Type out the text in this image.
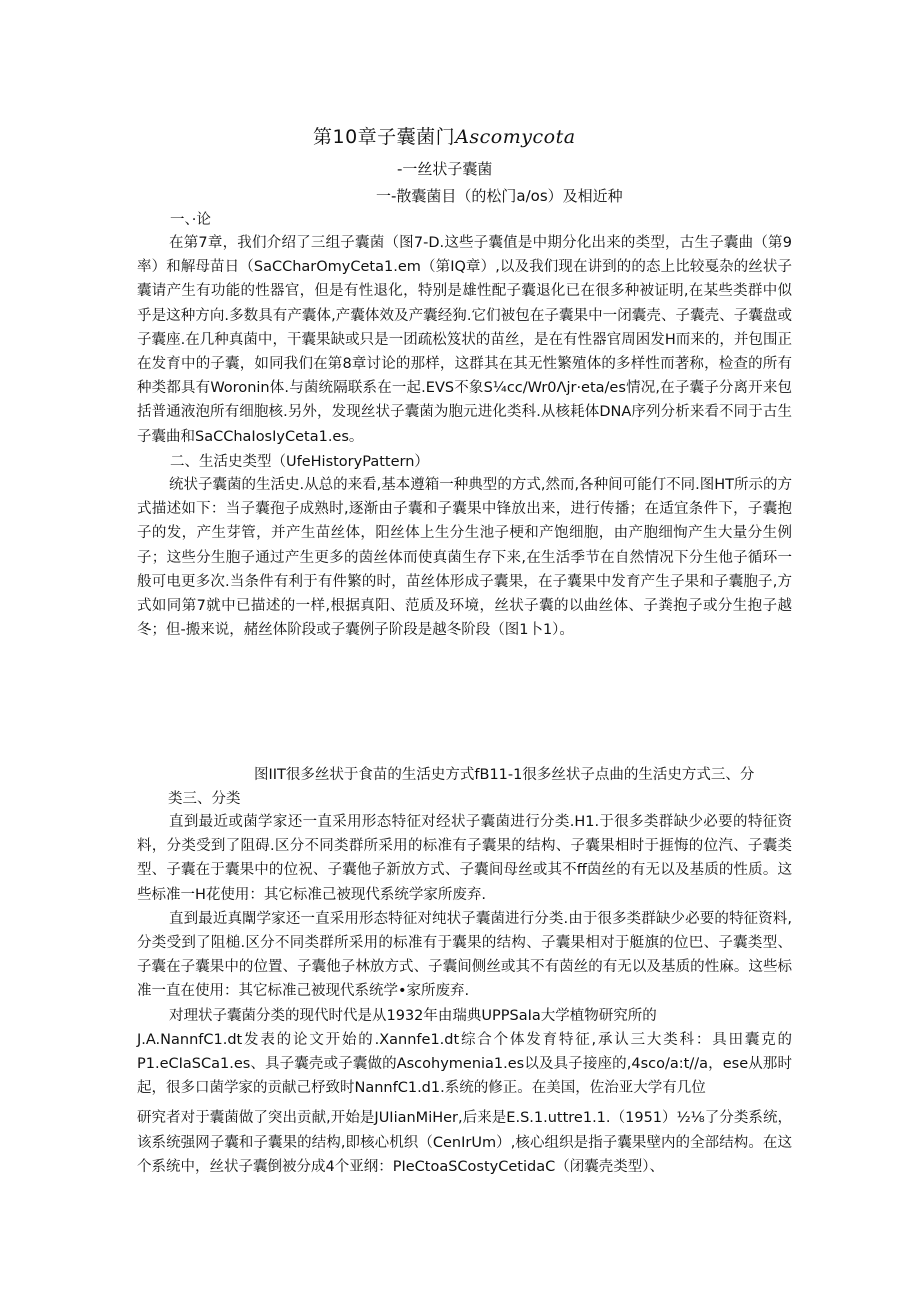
第10章子囊菌门Ascomycota
-一丝状子囊菌
一-散囊菌目（的松门a∕os）及相近种
一、·论

在第7章，我们介绍了三组子囊菌（图7-D.这些子囊值是中期分化出来的类型，古生子囊曲（第9率）和解母苗日（SaCCharOmyCeta1.em（第IQ章）,以及我们现在讲到的的态上比较戛杂的丝状子囊请产生有功能的性器官，但是有性退化，特别是雄性配子囊退化已在很多种被证明,在某些类群中似乎是这种方向.多数具有产囊体,产囊体效及产囊经狗.它们被包在子囊果中一闭囊壳、子囊壳、子囊盘或子囊座.在几种真菌中，干囊果缺或只是一团疏松笈状的苗丝，是在有性器官周困发H而来的，并包围正在发育中的子囊，如同我们在第8章讨论的那样，这群其在其无性繁殖体的多样性而著称，检查的所有种类都具有Woronin体.与菌统隔联系在一起.EVS不象S¼cc∕Wr0Λjr·eta∕es情况,在子囊子分离开来包括普通液泡所有细胞核.另外，发现丝状子囊菌为胞元进化类科.从核耗体DNA序列分析来看不同于古生子囊曲和SaCChaIosIyCeta1.es。

二、生活史类型（UfeHistoryPattern）

统状子囊菌的生活史.从总的来看,基本遵箱一种典型的方式,然而,各种间可能仃不同.图HT所示的方式描述如下：当子囊孢子成熟时,逐渐由子囊和子囊果中锋放出来，进行传播；在适宜条件下，子囊抱子的发，产生芽管，并产生苗丝体，阳丝体上生分生池子梗和产饱细胞，由产胞细恂产生大量分生例子；这些分生胞子通过产生更多的茵丝体而使真菌生存下来,在生活季节在自然情况下分生他子循环一般可电更多次.当条件有利于有件繁的时，苗丝体形成子囊果，在子囊果中发育产生子果和子囊胞子,方式如同第7就中已描述的一样,根据真阳、范质及环境，丝状子囊的以曲丝体、子粪抱子或分生抱子越冬；但-搬来说，赭丝体阶段或子囊例子阶段是越冬阶段（图1卜1）。

图IIT很多丝状于食苗的生活史方式fB11-1很多丝状子点曲的生活史方式三、分

类三、分类

直到最近或菌学家还一直采用形态特征对经状子囊菌进行分类.H1.于很多类群缺少必要的特征资料，分类受到了阻碍.区分不同类群所采用的标准有子囊果的结构、子囊果相时于捱悔的位汽、子囊类型、子囊在于囊果中的位祝、子囊他子新放方式、子囊间母丝或其不ff茵丝的有无以及基质的性质。这些标准一H花使用：其它标准己被现代系统学家所废弃.

直到最近真闈学家还一直采用形态特征对纯状子囊菌进行分类.由于很多类群缺少必要的特征资料,分类受到了阻槌.区分不同类群所采用的标准有于囊果的结构、子囊果相对于艇旗的位巴、子囊类型、子囊在子囊果中的位置、子囊他子林放方式、子囊间侧丝或其不有茵丝的有无以及基质的性麻。这些标准一直在使用：其它标准己被现代系统学•家所废弃.

对理状子囊菌分类的现代时代是从1932年由瑞典UPPSaIa大学植物研究所的

J.A.NannfC1.dt发表的论文开始的.Xannfe1.dt综合个体发育特征,承认三大类科：具田囊克的P1.eCIaSCa1.es、具子囊壳或子囊做的Ascohymenia1.es以及具子接座的,4sco∕a:t∕∕a，ese从那时起，很多口菌学家的贡献己杼致时NannfC1.d1.系统的修正。在美国，佐治亚大学有几位

研究者对于囊菌做了突出贡献,开始是JUIianMiHer,后来是E.S.1.uttre1.1.（1951）½⅛了分类系统，该系统强网子囊和子囊果的结构,即核心机织（CenIrUm）,核心组织是指子囊果壁内的全部结构。在这个系统中，丝状子囊倒被分成4个亚纲：PIeCtoaSCostyCetidaC（闭囊壳类型）、
